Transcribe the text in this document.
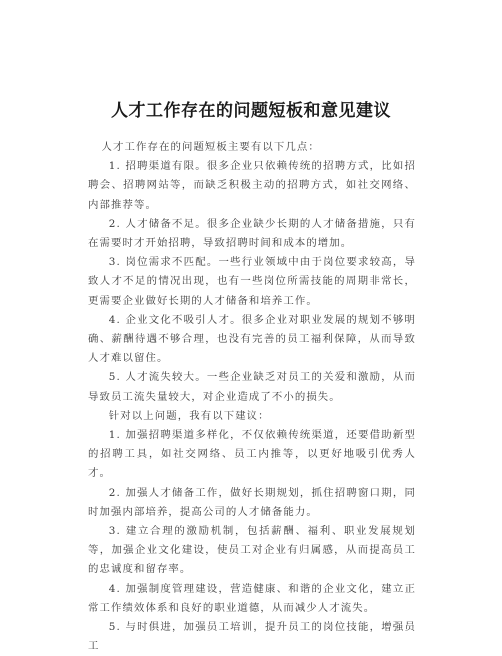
人才工作存在的问题短板和意见建议

人才工作存在的问题短板主要有以下几点：

1. 招聘渠道有限。很多企业只依赖传统的招聘方式，比如招聘会、招聘网站等，而缺乏积极主动的招聘方式，如社交网络、内部推荐等。

2. 人才储备不足。很多企业缺少长期的人才储备措施，只有在需要时才开始招聘，导致招聘时间和成本的增加。

3. 岗位需求不匹配。一些行业领域中由于岗位要求较高，导致人才不足的情况出现，也有一些岗位所需技能的周期非常长，更需要企业做好长期的人才储备和培养工作。

4. 企业文化不吸引人才。很多企业对职业发展的规划不够明确、薪酬待遇不够合理，也没有完善的员工福利保障，从而导致人才难以留住。

5. 人才流失较大。一些企业缺乏对员工的关爱和激励，从而导致员工流失量较大，对企业造成了不小的损失。

针对以上问题，我有以下建议：

1. 加强招聘渠道多样化，不仅依赖传统渠道，还要借助新型的招聘工具，如社交网络、员工内推等，以更好地吸引优秀人才。

2. 加强人才储备工作，做好长期规划，抓住招聘窗口期，同时加强内部培养，提高公司的人才储备能力。

3. 建立合理的激励机制，包括薪酬、福利、职业发展规划等，加强企业文化建设，使员工对企业有归属感，从而提高员工的忠诚度和留存率。

4. 加强制度管理建设，营造健康、和谐的企业文化，建立正常工作绩效体系和良好的职业道德，从而减少人才流失。

5. 与时俱进，加强员工培训，提升员工的岗位技能，增强员工
